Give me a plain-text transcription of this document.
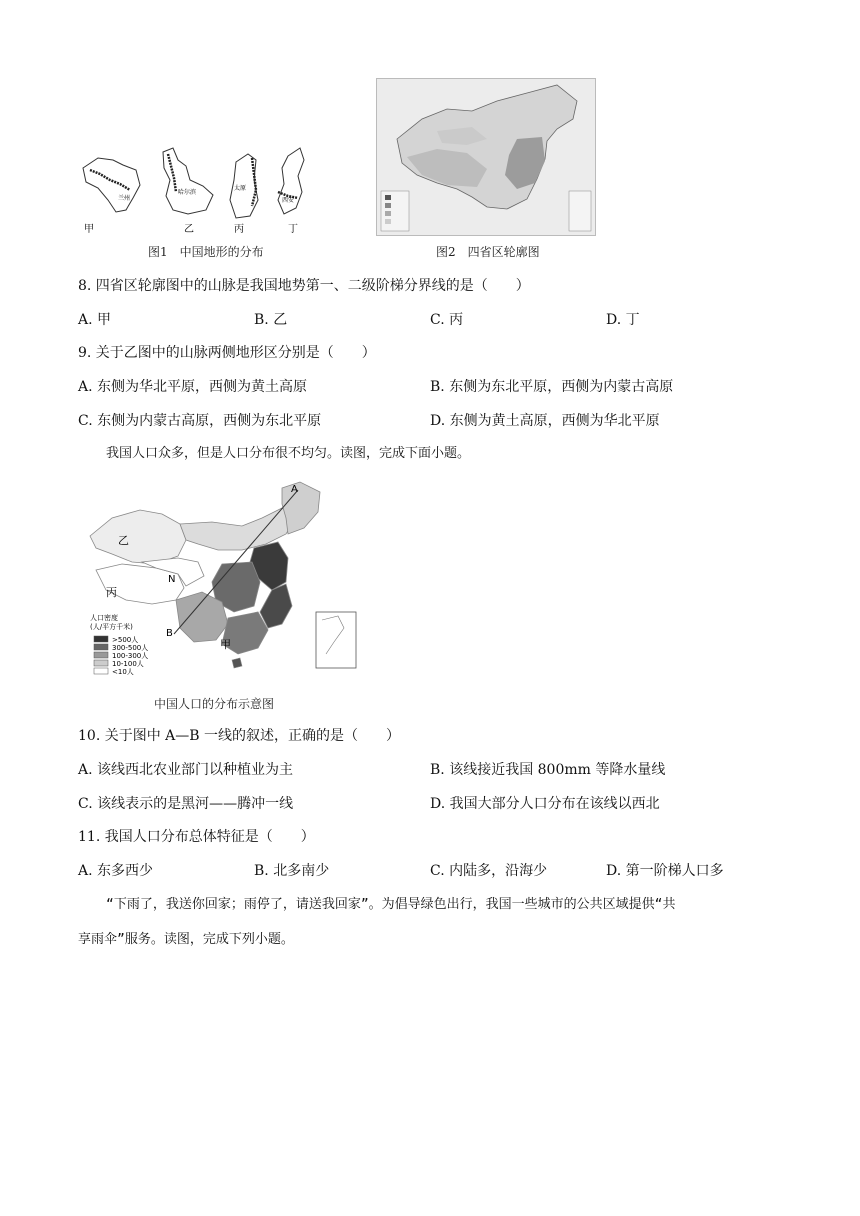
甲	乙	丙	丁
兰州
哈尔滨
太原
西安
图1　中国地形的分布	图2　四省区轮廓图
8. 四省区轮廓图中的山脉是我国地势第一、二级阶梯分界线的是（　　）
A. 甲	B. 乙	C. 丙	D. 丁
9. 关于乙图中的山脉两侧地形区分别是（　　）
A. 东侧为华北平原，西侧为黄土高原	B. 东侧为东北平原，西侧为内蒙古高原
C. 东侧为内蒙古高原，西侧为东北平原	D. 东侧为黄土高原，西侧为华北平原
我国人口众多，但是人口分布很不均匀。读图，完成下面小题。
A
B
乙
丙
甲
N
人口密度
(人/平方千米)
>500人
300-500人
100-300人
10-100人
<10人
中国人口的分布示意图
10. 关于图中 A—B 一线的叙述，正确的是（　　）
A. 该线西北农业部门以种植业为主	B. 该线接近我国 800mm 等降水量线
C. 该线表示的是黑河——腾冲一线	D. 我国大部分人口分布在该线以西北
11. 我国人口分布总体特征是（　　）
A. 东多西少	B. 北多南少	C. 内陆多，沿海少	D. 第一阶梯人口多
“下雨了，我送你回家；雨停了，请送我回家”。为倡导绿色出行，我国一些城市的公共区域提供“共
享雨伞”服务。读图，完成下列小题。
